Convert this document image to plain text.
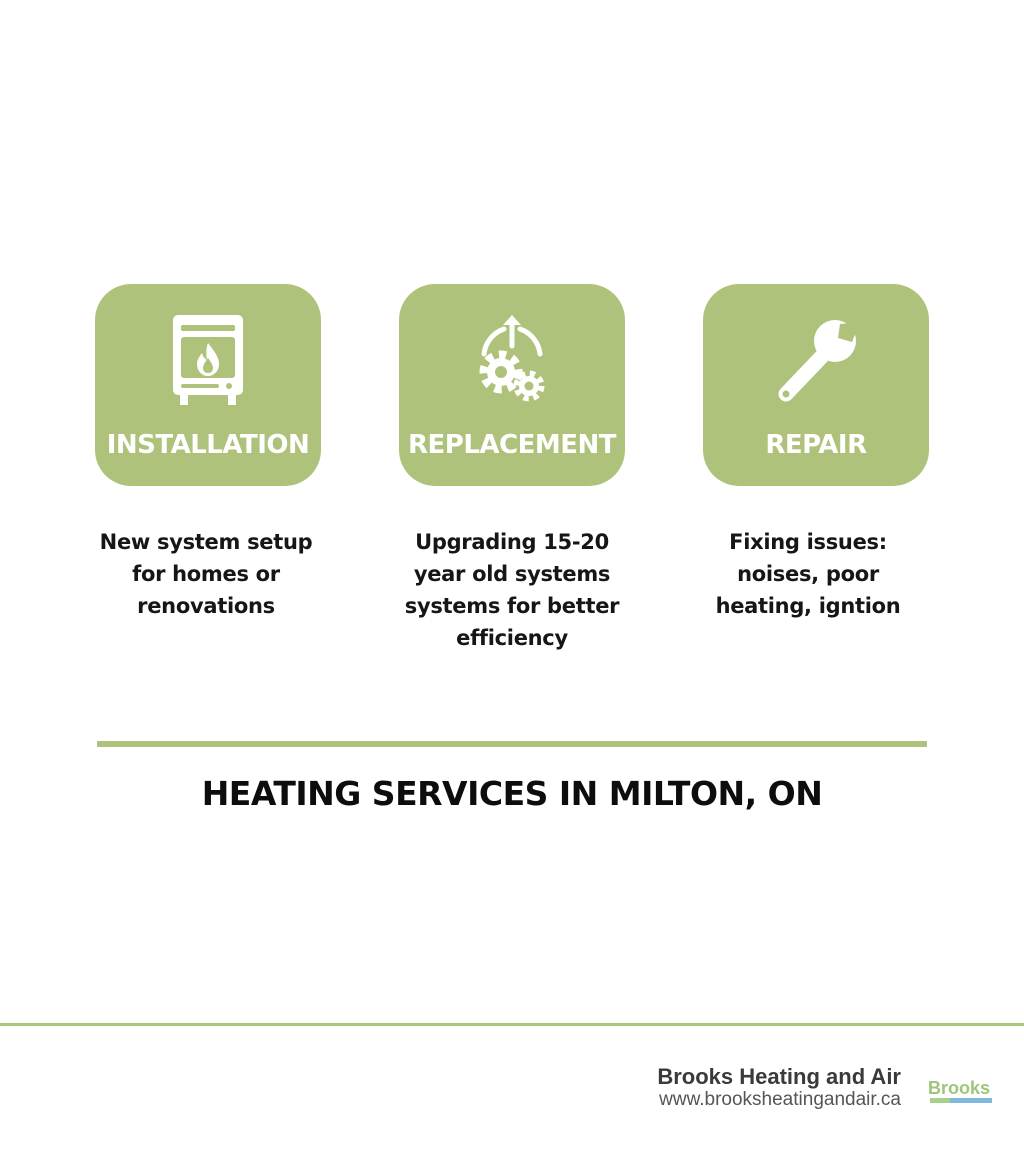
INSTALLATION	REPLACEMENT	REPAIR
New system setup
for homes or
renovations
Upgrading 15-20
year old systems
systems for better
efficiency
Fixing issues:
noises, poor
heating, igntion
HEATING SERVICES IN MILTON, ON
Brooks Heating and Air
www.brooksheatingandair.ca
Brooks
